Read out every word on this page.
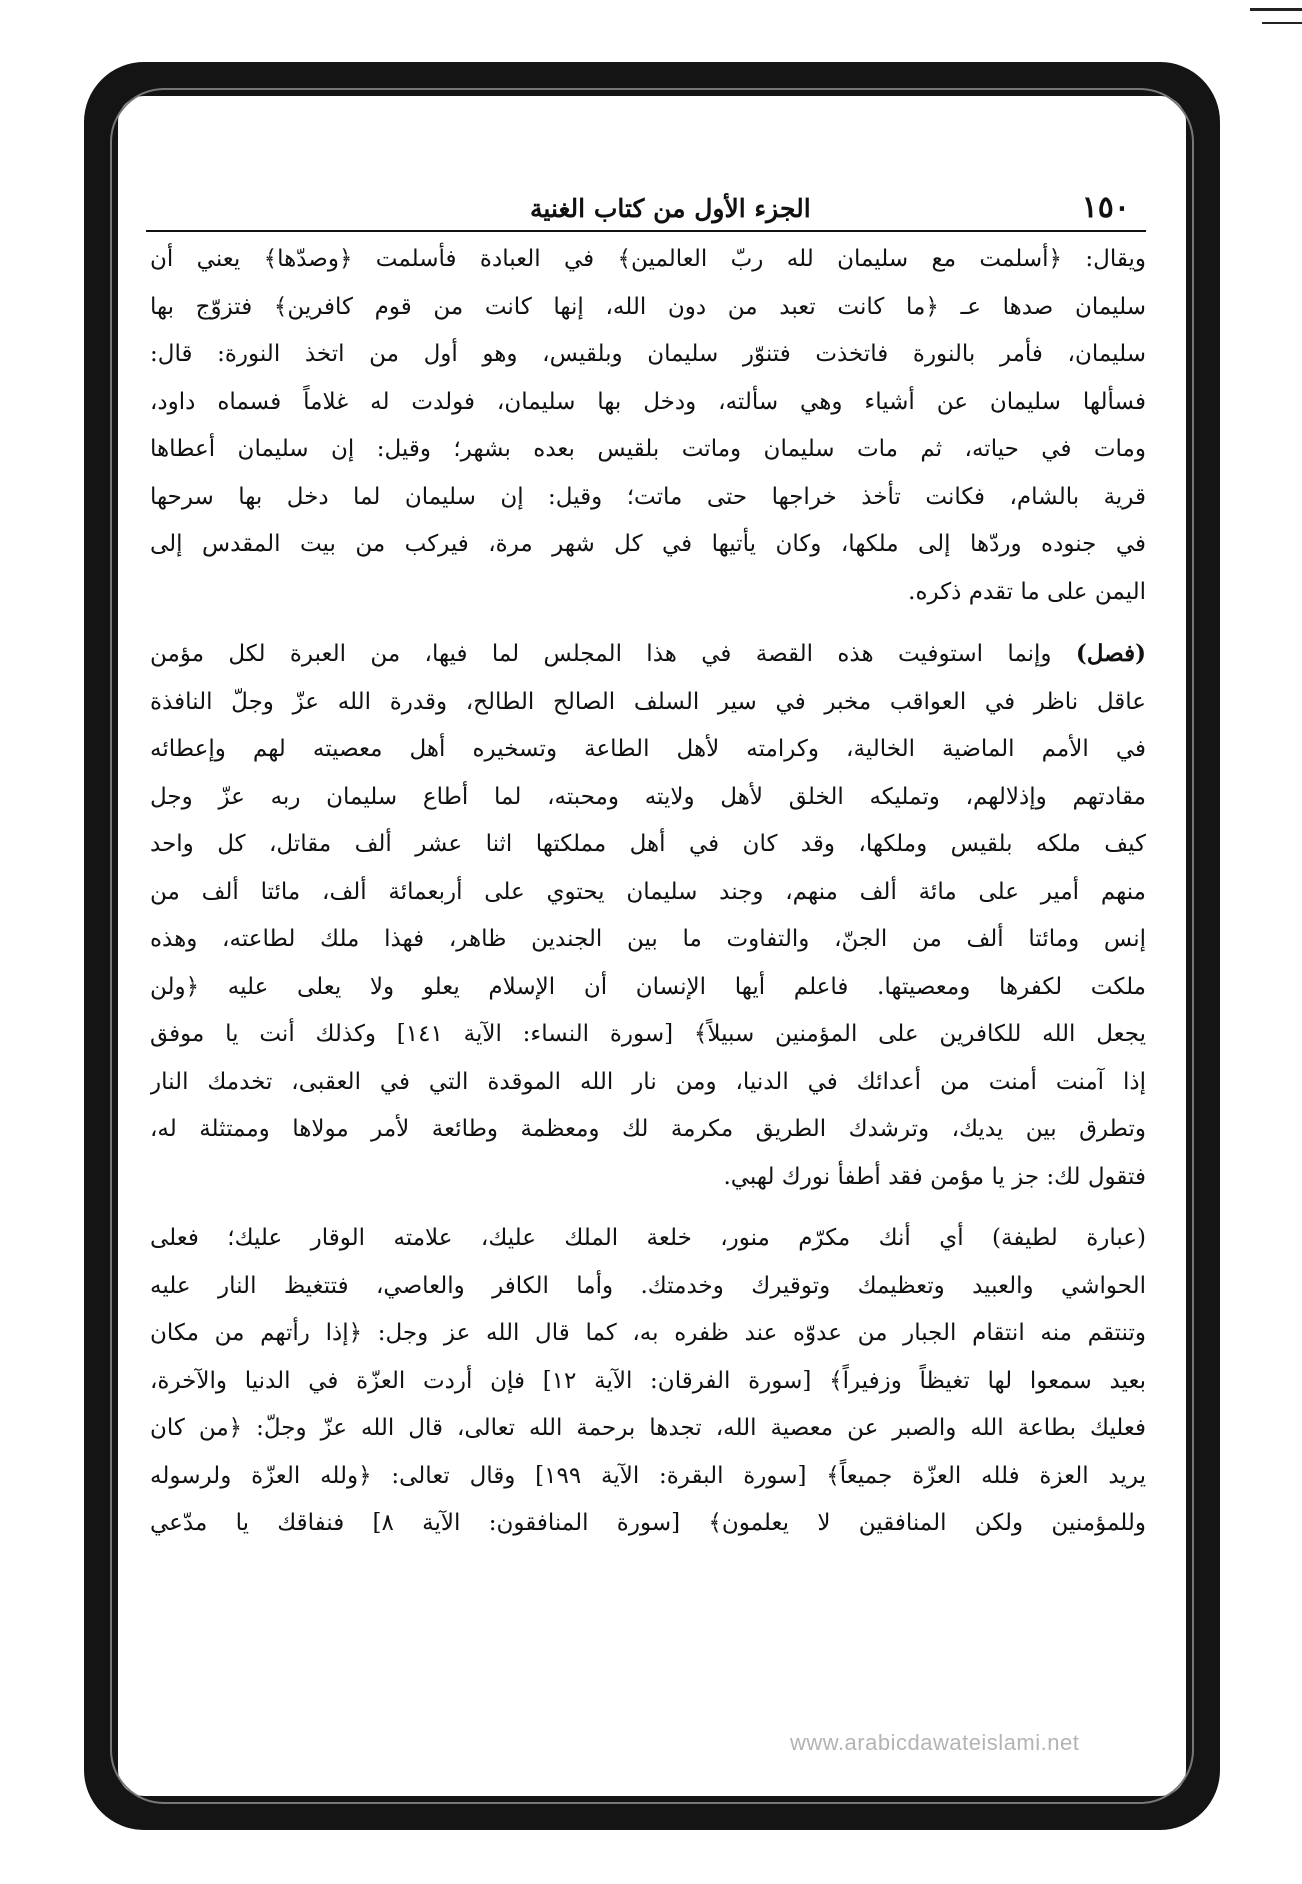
١٥٠
الجزء الأول من كتاب الغنية

ويقال: ﴿أسلمت مع سليمان لله ربّ العالمين﴾ في العبادة فأسلمت ﴿وصدّها﴾ يعني أن
سليمان صدها عـ ﴿ما كانت تعبد من دون الله، إنها كانت من قوم كافرين﴾ فتزوّج بها
سليمان، فأمر بالنورة فاتخذت فتنوّر سليمان وبلقيس، وهو أول من اتخذ النورة: قال:
فسألها سليمان عن أشياء وهي سألته، ودخل بها سليمان، فولدت له غلاماً فسماه داود،
ومات في حياته، ثم مات سليمان وماتت بلقيس بعده بشهر؛ وقيل: إن سليمان أعطاها
قرية بالشام، فكانت تأخذ خراجها حتى ماتت؛ وقيل: إن سليمان لما دخل بها سرحها
في جنوده وردّها إلى ملكها، وكان يأتيها في كل شهر مرة، فيركب من بيت المقدس إلى
اليمن على ما تقدم ذكره.

(فصل) وإنما استوفيت هذه القصة في هذا المجلس لما فيها، من العبرة لكل مؤمن
عاقل ناظر في العواقب مخبر في سير السلف الصالح الطالح، وقدرة الله عزّ وجلّ النافذة
في الأمم الماضية الخالية، وكرامته لأهل الطاعة وتسخيره أهل معصيته لهم وإعطائه
مقادتهم وإذلالهم، وتمليكه الخلق لأهل ولايته ومحبته، لما أطاع سليمان ربه عزّ وجل
كيف ملكه بلقيس وملكها، وقد كان في أهل مملكتها اثنا عشر ألف مقاتل، كل واحد
منهم أمير على مائة ألف منهم، وجند سليمان يحتوي على أربعمائة ألف، مائتا ألف من
إنس ومائتا ألف من الجنّ، والتفاوت ما بين الجندين ظاهر، فهذا ملك لطاعته، وهذه
ملكت لكفرها ومعصيتها. فاعلم أيها الإنسان أن الإسلام يعلو ولا يعلى عليه ﴿ولن
يجعل الله للكافرين على المؤمنين سبيلاً﴾ [سورة النساء: الآية ١٤١] وكذلك أنت يا موفق
إذا آمنت أمنت من أعدائك في الدنيا، ومن نار الله الموقدة التي في العقبى، تخدمك النار
وتطرق بين يديك، وترشدك الطريق مكرمة لك ومعظمة وطائعة لأمر مولاها وممتثلة له،
فتقول لك: جز يا مؤمن فقد أطفأ نورك لهبي.

(عبارة لطيفة) أي أنك مكرّم منور، خلعة الملك عليك، علامته الوقار عليك؛ فعلى
الحواشي والعبيد وتعظيمك وتوقيرك وخدمتك. وأما الكافر والعاصي، فتتغيظ النار عليه
وتنتقم منه انتقام الجبار من عدوّه عند ظفره به، كما قال الله عز وجل: ﴿إذا رأتهم من مكان
بعيد سمعوا لها تغيظاً وزفيراً﴾ [سورة الفرقان: الآية ١٢] فإن أردت العزّة في الدنيا والآخرة،
فعليك بطاعة الله والصبر عن معصية الله، تجدها برحمة الله تعالى، قال الله عزّ وجلّ: ﴿من كان
يريد العزة فلله العزّة جميعاً﴾ [سورة البقرة: الآية ١٩٩] وقال تعالى: ﴿ولله العزّة ولرسوله
وللمؤمنين ولكن المنافقين لا يعلمون﴾ [سورة المنافقون: الآية ٨] فنفاقك يا مدّعي

www.arabicdawateislami.net
